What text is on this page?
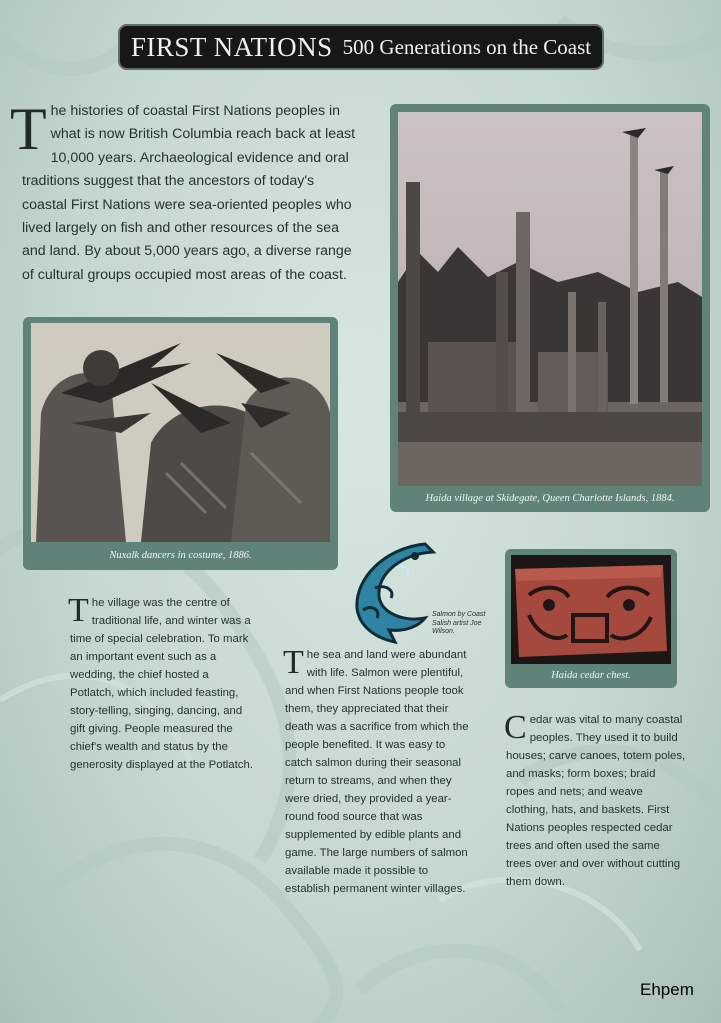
FIRST NATIONS 500 Generations on the Coast
The histories of coastal First Nations peoples in what is now British Columbia reach back at least 10,000 years. Archaeological evidence and oral traditions suggest that the ancestors of today's coastal First Nations were sea-oriented peoples who lived largely on fish and other resources of the sea and land. By about 5,000 years ago, a diverse range of cultural groups occupied most areas of the coast.
Nuxalk dancers in costume, 1886.
Haida village at Skidegate, Queen Charlotte Islands, 1884.
Salmon by Coast Salish artist Joe Wilson.
Haida cedar chest.
The village was the centre of traditional life, and winter was a time of special celebration. To mark an important event such as a wedding, the chief hosted a Potlatch, which included feasting, story-telling, singing, dancing, and gift giving. People measured the chief's wealth and status by the generosity displayed at the Potlatch.
The sea and land were abundant with life. Salmon were plentiful, and when First Nations people took them, they appreciated that their death was a sacrifice from which the people benefited. It was easy to catch salmon during their seasonal return to streams, and when they were dried, they provided a year-round food source that was supplemented by edible plants and game. The large numbers of salmon available made it possible to establish permanent winter villages.
Cedar was vital to many coastal peoples. They used it to build houses; carve canoes, totem poles, and masks; form boxes; braid ropes and nets; and weave clothing, hats, and baskets. First Nations peoples respected cedar trees and often used the same trees over and over without cutting them down.
Ehpem
